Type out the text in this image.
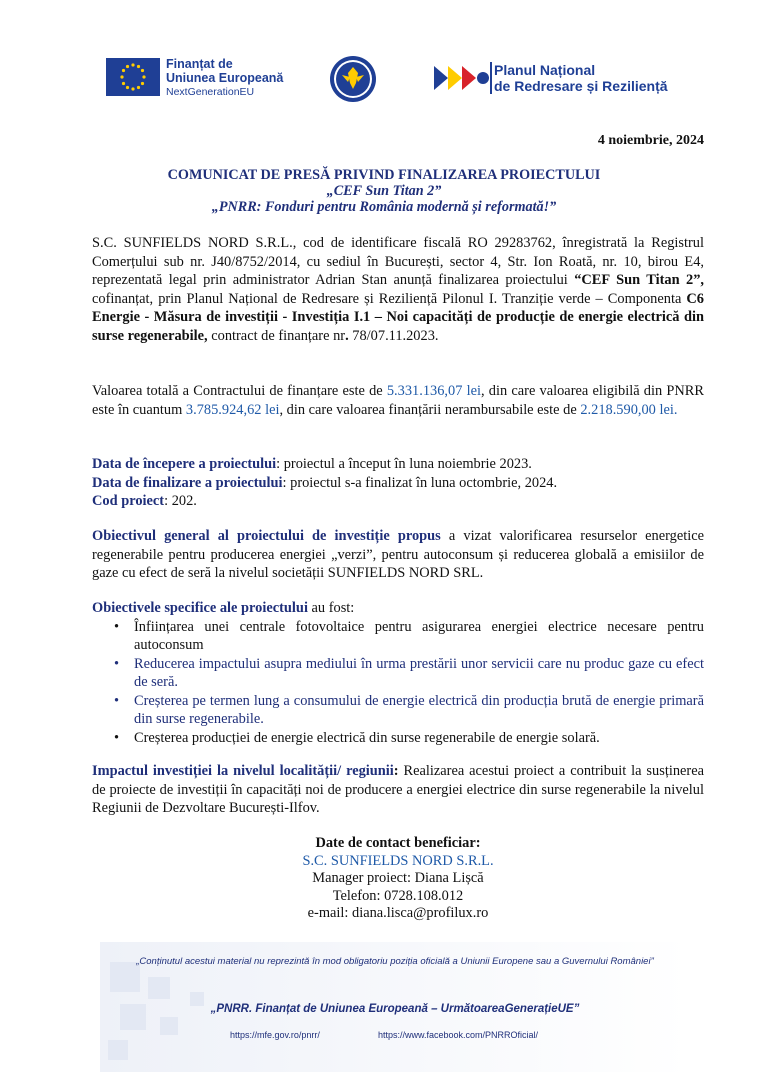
Finanțat de
Uniunea Europeană
NextGenerationEU
Planul Național
de Redresare și Reziliență
4 noiembrie, 2024
COMUNICAT DE PRESĂ PRIVIND FINALIZAREA PROIECTULUI
„CEF Sun Titan 2”
„PNRR: Fonduri pentru România modernă și reformată!”
S.C. SUNFIELDS NORD S.R.L., cod de identificare fiscală RO 29283762, înregistrată la Registrul Comerțului sub nr. J40/8752/2014, cu sediul în București, sector 4, Str. Ion Roată, nr. 10, birou E4, reprezentată legal prin administrator Adrian Stan anunță finalizarea proiectului “CEF Sun Titan 2”, cofinanțat, prin Planul Național de Redresare și Reziliență Pilonul I. Tranziție verde – Componenta C6 Energie - Măsura de investiții - Investiția I.1 – Noi capacități de producție de energie electrică din surse regenerabile, contract de finanțare nr. 78/07.11.2023.
Valoarea totală a Contractului de finanțare este de 5.331.136,07 lei, din care valoarea eligibilă din PNRR este în cuantum 3.785.924,62 lei, din care valoarea finanțării nerambursabile este de 2.218.590,00 lei.
Data de începere a proiectului: proiectul a început în luna noiembrie 2023.
Data de finalizare a proiectului: proiectul s-a finalizat în luna octombrie, 2024.
Cod proiect: 202.
Obiectivul general al proiectului de investiție propus a vizat valorificarea resurselor energetice regenerabile pentru producerea energiei „verzi”, pentru autoconsum și reducerea globală a emisiilor de gaze cu efect de seră la nivelul societății SUNFIELDS NORD SRL.
Obiectivele specifice ale proiectului au fost:
• Înființarea unei centrale fotovoltaice pentru asigurarea energiei electrice necesare pentru autoconsum
• Reducerea impactului asupra mediului în urma prestării unor servicii care nu produc gaze cu efect de seră.
• Creșterea pe termen lung a consumului de energie electrică din producția brută de energie primară din surse regenerabile.
• Creșterea producției de energie electrică din surse regenerabile de energie solară.
Impactul investiției la nivelul localității/ regiunii: Realizarea acestui proiect a contribuit la susținerea de proiecte de investiții în capacități noi de producere a energiei electrice din surse regenerabile la nivelul Regiunii de Dezvoltare București-Ilfov.
Date de contact beneficiar:
S.C. SUNFIELDS NORD S.R.L.
Manager proiect: Diana Lișcă
Telefon: 0728.108.012
e-mail: diana.lisca@profilux.ro
„Conținutul acestui material nu reprezintă în mod obligatoriu poziția oficială a Uniunii Europene sau a Guvernului României”
„PNRR. Finanțat de Uniunea Europeană – UrmătoareaGenerațieUE”
https://mfe.gov.ro/pnrr/	https://www.facebook.com/PNRROficial/
